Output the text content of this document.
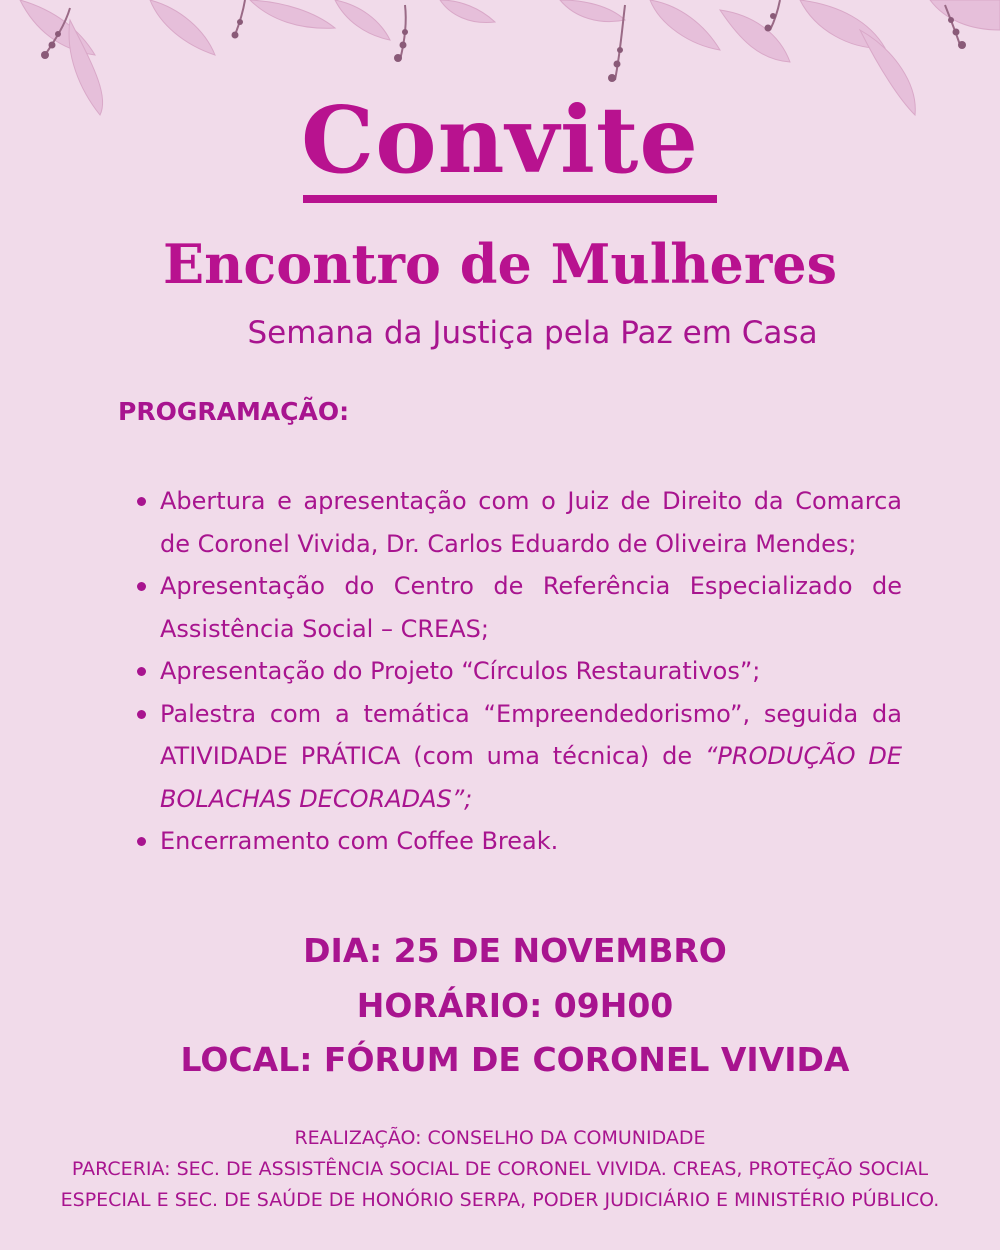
Convite
Encontro de Mulheres
Semana da Justiça pela Paz em Casa
PROGRAMAÇÃO:
Abertura e apresentação com o Juiz de Direito da Comarca de Coronel Vivida, Dr. Carlos Eduardo de Oliveira Mendes;
Apresentação do Centro de Referência Especializado de Assistência Social – CREAS;
Apresentação do Projeto “Círculos Restaurativos”;
Palestra com a temática “Empreendedorismo”, seguida da ATIVIDADE PRÁTICA (com uma técnica) de “PRODUÇÃO DE BOLACHAS DECORADAS”;
Encerramento com Coffee Break.
DIA: 25 DE NOVEMBRO
HORÁRIO: 09H00
LOCAL: FÓRUM DE CORONEL VIVIDA
REALIZAÇÃO: CONSELHO DA COMUNIDADE
PARCERIA: SEC. DE ASSISTÊNCIA SOCIAL DE CORONEL VIVIDA. CREAS, PROTEÇÃO SOCIAL
ESPECIAL E SEC. DE SAÚDE DE HONÓRIO SERPA, PODER JUDICIÁRIO E MINISTÉRIO PÚBLICO.
